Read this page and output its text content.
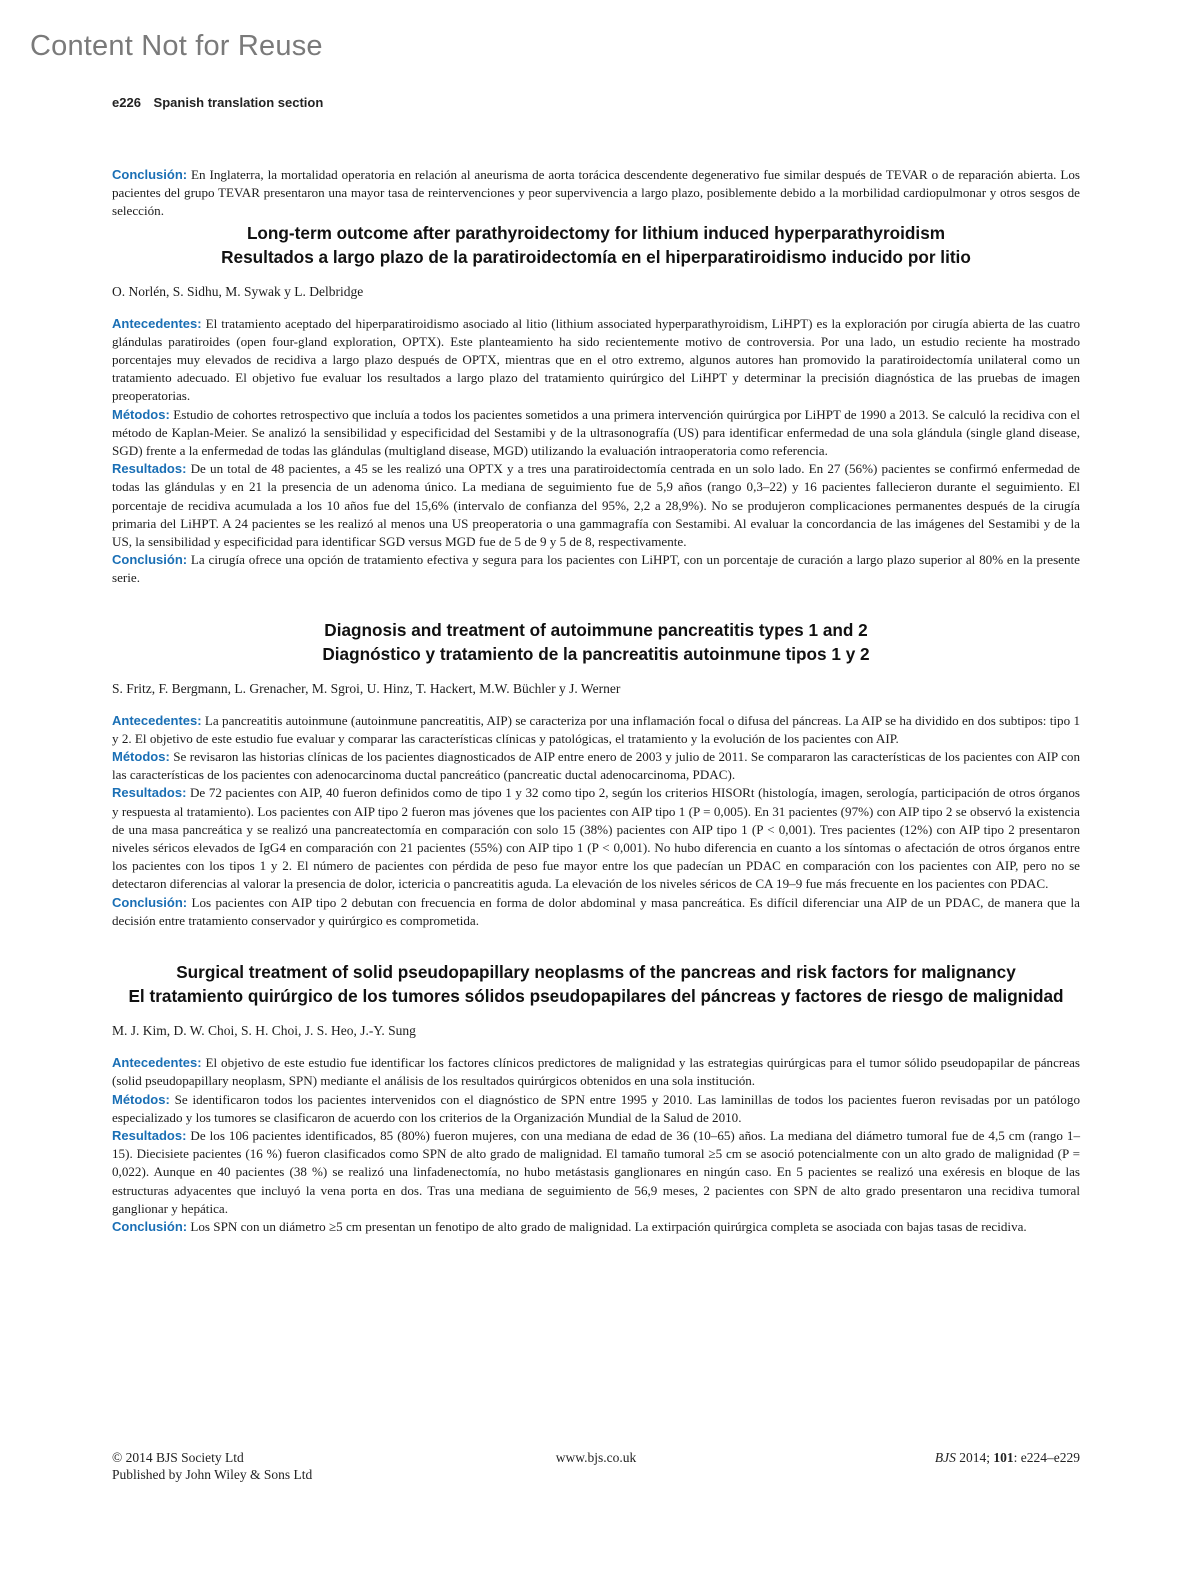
Content Not for Reuse
e226 Spanish translation section

Conclusión: En Inglaterra, la mortalidad operatoria en relación al aneurisma de aorta torácica descendente degenerativo fue similar después de TEVAR o de reparación abierta. Los pacientes del grupo TEVAR presentaron una mayor tasa de reintervenciones y peor supervivencia a largo plazo, posiblemente debido a la morbilidad cardiopulmonar y otros sesgos de selección.

Long-term outcome after parathyroidectomy for lithium induced hyperparathyroidism
Resultados a largo plazo de la paratiroidectomía en el hiperparatiroidismo inducido por litio

O. Norlén, S. Sidhu, M. Sywak y L. Delbridge

Antecedentes: El tratamiento aceptado del hiperparatiroidismo asociado al litio (lithium associated hyperparathyroidism, LiHPT) es la exploración por cirugía abierta de las cuatro glándulas paratiroides (open four-gland exploration, OPTX). Este planteamiento ha sido recientemente motivo de controversia. Por una lado, un estudio reciente ha mostrado porcentajes muy elevados de recidiva a largo plazo después de OPTX, mientras que en el otro extremo, algunos autores han promovido la paratiroidectomía unilateral como un tratamiento adecuado. El objetivo fue evaluar los resultados a largo plazo del tratamiento quirúrgico del LiHPT y determinar la precisión diagnóstica de las pruebas de imagen preoperatorias.

Métodos: Estudio de cohortes retrospectivo que incluía a todos los pacientes sometidos a una primera intervención quirúrgica por LiHPT de 1990 a 2013. Se calculó la recidiva con el método de Kaplan-Meier. Se analizó la sensibilidad y especificidad del Sestamibi y de la ultrasonografía (US) para identificar enfermedad de una sola glándula (single gland disease, SGD) frente a la enfermedad de todas las glándulas (multigland disease, MGD) utilizando la evaluación intraoperatoria como referencia.

Resultados: De un total de 48 pacientes, a 45 se les realizó una OPTX y a tres una paratiroidectomía centrada en un solo lado. En 27 (56%) pacientes se confirmó enfermedad de todas las glándulas y en 21 la presencia de un adenoma único. La mediana de seguimiento fue de 5,9 años (rango 0,3–22) y 16 pacientes fallecieron durante el seguimiento. El porcentaje de recidiva acumulada a los 10 años fue del 15,6% (intervalo de confianza del 95%, 2,2 a 28,9%). No se produjeron complicaciones permanentes después de la cirugía primaria del LiHPT. A 24 pacientes se les realizó al menos una US preoperatoria o una gammagrafía con Sestamibi. Al evaluar la concordancia de las imágenes del Sestamibi y de la US, la sensibilidad y especificidad para identificar SGD versus MGD fue de 5 de 9 y 5 de 8, respectivamente.

Conclusión: La cirugía ofrece una opción de tratamiento efectiva y segura para los pacientes con LiHPT, con un porcentaje de curación a largo plazo superior al 80% en la presente serie.

Diagnosis and treatment of autoimmune pancreatitis types 1 and 2
Diagnóstico y tratamiento de la pancreatitis autoinmune tipos 1 y 2

S. Fritz, F. Bergmann, L. Grenacher, M. Sgroi, U. Hinz, T. Hackert, M.W. Büchler y J. Werner

Antecedentes: La pancreatitis autoinmune (autoinmune pancreatitis, AIP) se caracteriza por una inflamación focal o difusa del páncreas. La AIP se ha dividido en dos subtipos: tipo 1 y 2. El objetivo de este estudio fue evaluar y comparar las características clínicas y patológicas, el tratamiento y la evolución de los pacientes con AIP.

Métodos: Se revisaron las historias clínicas de los pacientes diagnosticados de AIP entre enero de 2003 y julio de 2011. Se compararon las características de los pacientes con AIP con las características de los pacientes con adenocarcinoma ductal pancreático (pancreatic ductal adenocarcinoma, PDAC).

Resultados: De 72 pacientes con AIP, 40 fueron definidos como de tipo 1 y 32 como tipo 2, según los criterios HISORt (histología, imagen, serología, participación de otros órganos y respuesta al tratamiento). Los pacientes con AIP tipo 2 fueron mas jóvenes que los pacientes con AIP tipo 1 (P = 0,005). En 31 pacientes (97%) con AIP tipo 2 se observó la existencia de una masa pancreática y se realizó una pancreatectomía en comparación con solo 15 (38%) pacientes con AIP tipo 1 (P < 0,001). Tres pacientes (12%) con AIP tipo 2 presentaron niveles séricos elevados de IgG4 en comparación con 21 pacientes (55%) con AIP tipo 1 (P < 0,001). No hubo diferencia en cuanto a los síntomas o afectación de otros órganos entre los pacientes con los tipos 1 y 2. El número de pacientes con pérdida de peso fue mayor entre los que padecían un PDAC en comparación con los pacientes con AIP, pero no se detectaron diferencias al valorar la presencia de dolor, ictericia o pancreatitis aguda. La elevación de los niveles séricos de CA 19–9 fue más frecuente en los pacientes con PDAC.

Conclusión: Los pacientes con AIP tipo 2 debutan con frecuencia en forma de dolor abdominal y masa pancreática. Es difícil diferenciar una AIP de un PDAC, de manera que la decisión entre tratamiento conservador y quirúrgico es comprometida.

Surgical treatment of solid pseudopapillary neoplasms of the pancreas and risk factors for malignancy
El tratamiento quirúrgico de los tumores sólidos pseudopapilares del páncreas y factores de riesgo de malignidad

M. J. Kim, D. W. Choi, S. H. Choi, J. S. Heo, J.-Y. Sung

Antecedentes: El objetivo de este estudio fue identificar los factores clínicos predictores de malignidad y las estrategias quirúrgicas para el tumor sólido pseudopapilar de páncreas (solid pseudopapillary neoplasm, SPN) mediante el análisis de los resultados quirúrgicos obtenidos en una sola institución.

Métodos: Se identificaron todos los pacientes intervenidos con el diagnóstico de SPN entre 1995 y 2010. Las laminillas de todos los pacientes fueron revisadas por un patólogo especializado y los tumores se clasificaron de acuerdo con los criterios de la Organización Mundial de la Salud de 2010.

Resultados: De los 106 pacientes identificados, 85 (80%) fueron mujeres, con una mediana de edad de 36 (10–65) años. La mediana del diámetro tumoral fue de 4,5 cm (rango 1–15). Diecisiete pacientes (16 %) fueron clasificados como SPN de alto grado de malignidad. El tamaño tumoral ≥5 cm se asoció potencialmente con un alto grado de malignidad (P = 0,022). Aunque en 40 pacientes (38 %) se realizó una linfadenectomía, no hubo metástasis ganglionares en ningún caso. En 5 pacientes se realizó una exéresis en bloque de las estructuras adyacentes que incluyó la vena porta en dos. Tras una mediana de seguimiento de 56,9 meses, 2 pacientes con SPN de alto grado presentaron una recidiva tumoral ganglionar y hepática.

Conclusión: Los SPN con un diámetro ≥5 cm presentan un fenotipo de alto grado de malignidad. La extirpación quirúrgica completa se asociada con bajas tasas de recidiva.

© 2014 BJS Society Ltd
Published by John Wiley & Sons Ltd
www.bjs.co.uk	BJS 2014; 101: e224–e229
